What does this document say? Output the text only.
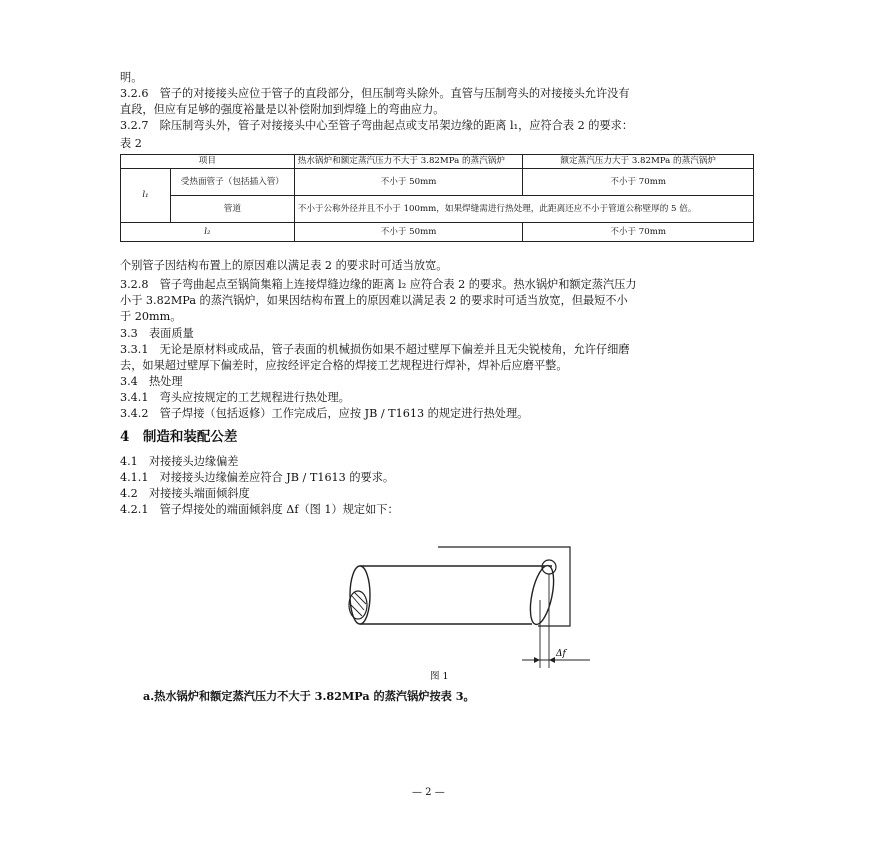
明。
3.2.6　管子的对接接头应位于管子的直段部分，但压制弯头除外。直管与压制弯头的对接接头允许没有
直段，但应有足够的强度裕量是以补偿附加到焊缝上的弯曲应力。
3.2.7　除压制弯头外，管子对接接头中心至管子弯曲起点或支吊架边缘的距离 l₁，应符合表 2 的要求：
表 2
项目		热水锅炉和额定蒸汽压力不大于 3.82MPa 的蒸汽锅炉	额定蒸汽压力大于 3.82MPa 的蒸汽锅炉
l₁	受热面管子（包括插入管）	不小于 50mm	不小于 70mm
	管道	不小于公称外径并且不小于 100mm，如果焊缝需进行热处理，此距离还应不小于管道公称壁厚的 5 倍。	
l₂		不小于 50mm	不小于 70mm
个别管子因结构布置上的原因难以满足表 2 的要求时可适当放宽。
3.2.8　管子弯曲起点至锅筒集箱上连接焊缝边缘的距离 l₂ 应符合表 2 的要求。热水锅炉和额定蒸汽压力
小于 3.82MPa 的蒸汽锅炉，如果因结构布置上的原因难以满足表 2 的要求时可适当放宽，但最短不小
于 20mm。
3.3　表面质量
3.3.1　无论是原材料或成品，管子表面的机械损伤如果不超过壁厚下偏差并且无尖锐棱角，允许仔细磨
去，如果超过壁厚下偏差时，应按经评定合格的焊接工艺规程进行焊补，焊补后应磨平整。
3.4　热处理
3.4.1　弯头应按规定的工艺规程进行热处理。
3.4.2　管子焊接（包括返修）工作完成后，应按 JB / T1613 的规定进行热处理。
4　制造和装配公差
4.1　对接接头边缘偏差
4.1.1　对接接头边缘偏差应符合 JB / T1613 的要求。
4.2　对接接头端面倾斜度
4.2.1　管子焊接处的端面倾斜度 Δf（图 1）规定如下：
Δf
图 1
a.热水锅炉和额定蒸汽压力不大于 3.82MPa 的蒸汽锅炉按表 3。
— 2 —
